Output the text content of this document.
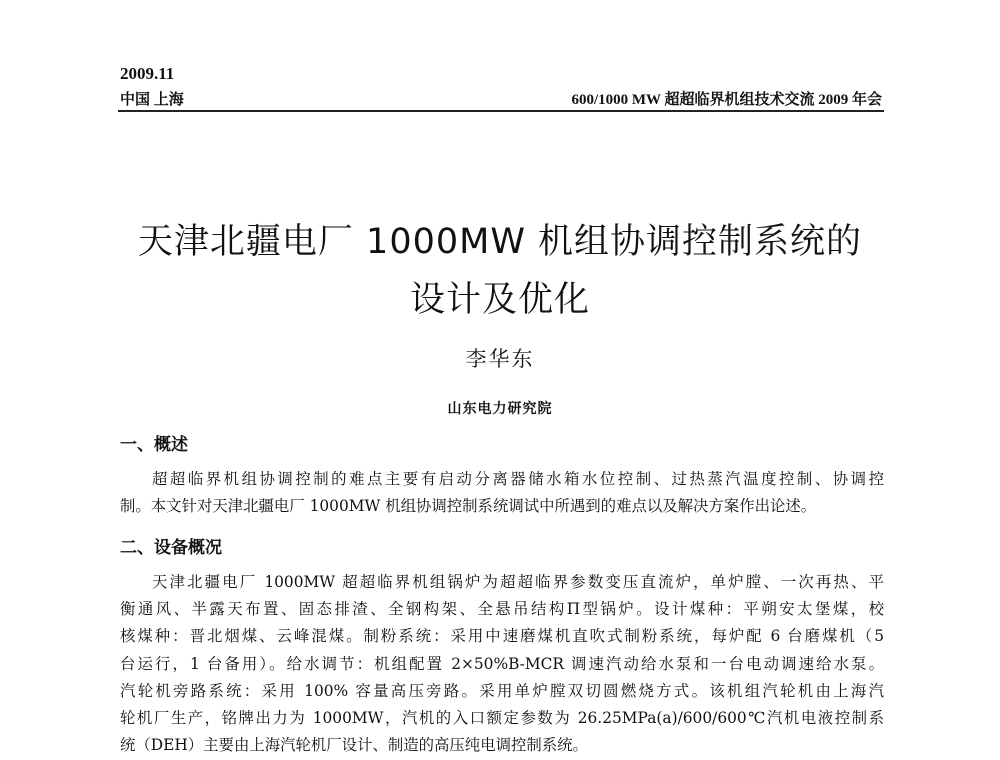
2009.11
中国 上海	600/1000 MW 超超临界机组技术交流 2009 年会
天津北疆电厂 1000MW 机组协调控制系统的
设计及优化
李华东
山东电力研究院
一、概述
超超临界机组协调控制的难点主要有启动分离器储水箱水位控制、过热蒸汽温度控制、协调控
制。本文针对天津北疆电厂 1000MW 机组协调控制系统调试中所遇到的难点以及解决方案作出论述。
二、设备概况
天津北疆电厂 1000MW 超超临界机组锅炉为超超临界参数变压直流炉，单炉膛、一次再热、平
衡通风、半露天布置、固态排渣、全钢构架、全悬吊结构Π型锅炉。设计煤种：平朔安太堡煤，校
核煤种：晋北烟煤、云峰混煤。制粉系统：采用中速磨煤机直吹式制粉系统，每炉配 6 台磨煤机（5
台运行，1 台备用）。给水调节：机组配置 2×50%B-MCR 调速汽动给水泵和一台电动调速给水泵。
汽轮机旁路系统：采用 100% 容量高压旁路。采用单炉膛双切圆燃烧方式。该机组汽轮机由上海汽
轮机厂生产，铭牌出力为 1000MW，汽机的入口额定参数为 26.25MPa(a)/600/600℃汽机电液控制系
统（DEH）主要由上海汽轮机厂设计、制造的高压纯电调控制系统。
